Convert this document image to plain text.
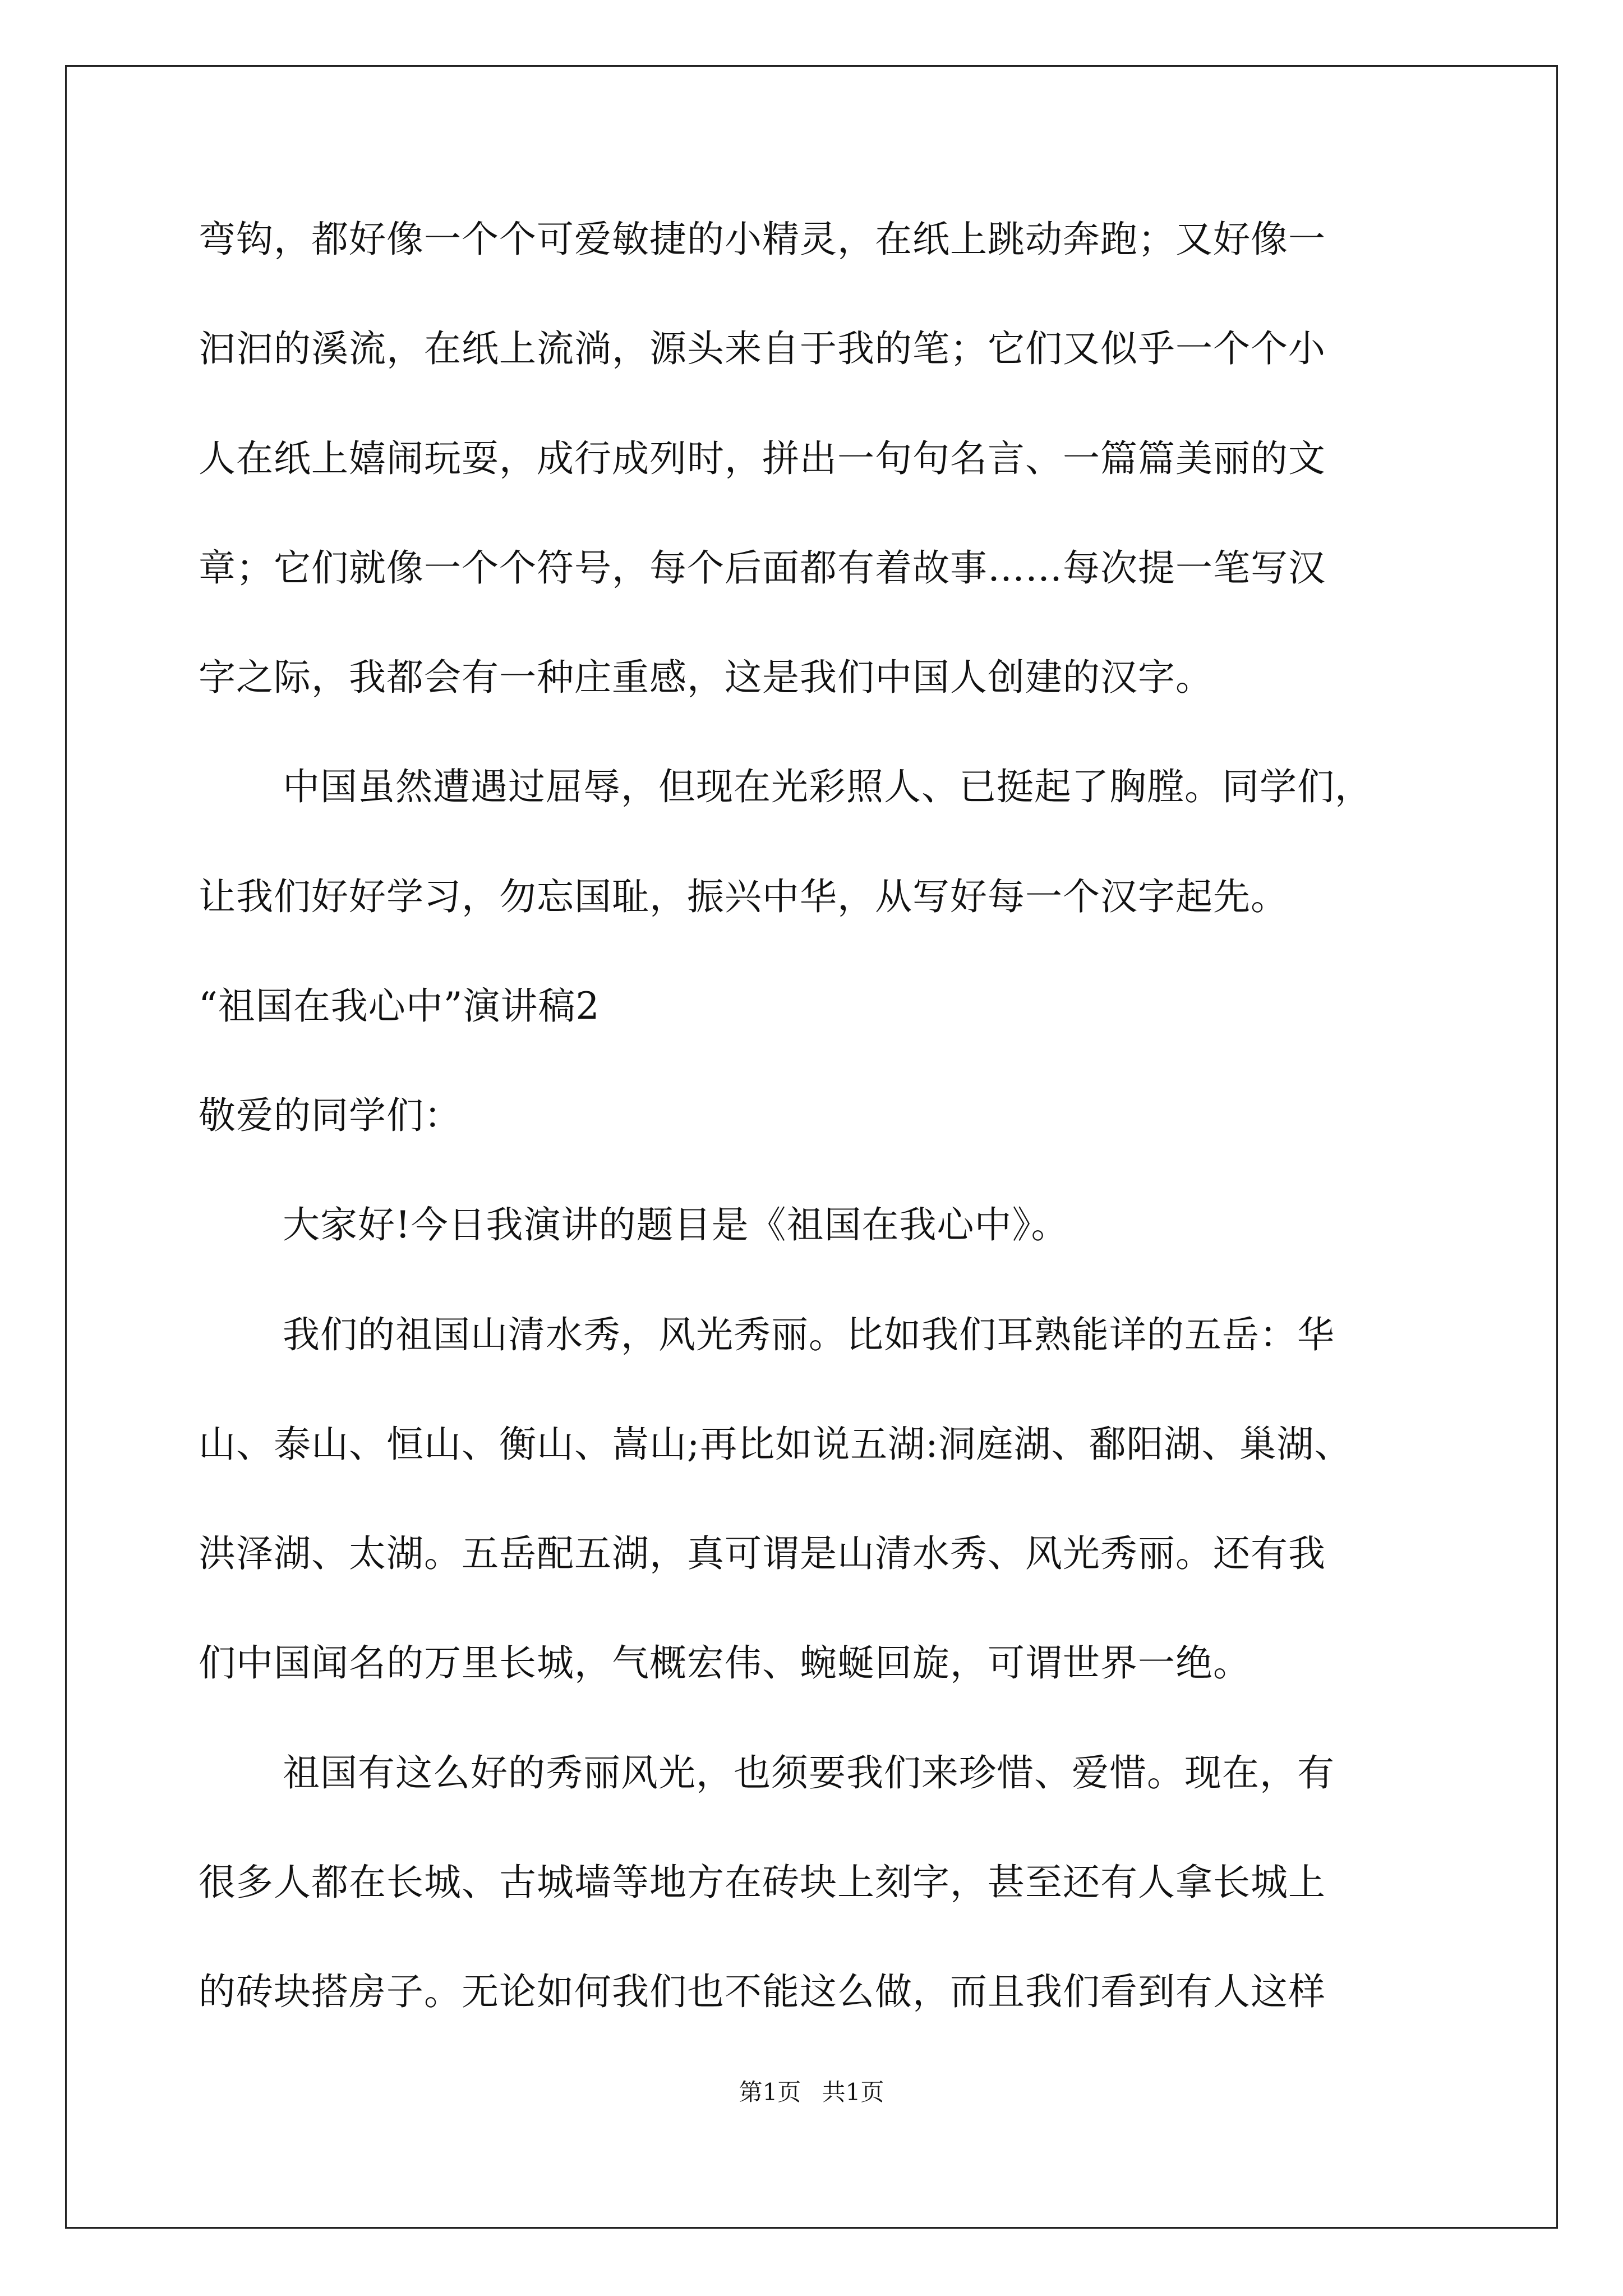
弯钩，都好像一个个可爱敏捷的小精灵，在纸上跳动奔跑；又好像一
汩汩的溪流，在纸上流淌，源头来自于我的笔；它们又似乎一个个小
人在纸上嬉闹玩耍，成行成列时，拼出一句句名言、一篇篇美丽的文
章；它们就像一个个符号，每个后面都有着故事……每次提一笔写汉
字之际，我都会有一种庄重感，这是我们中国人创建的汉字。
中国虽然遭遇过屈辱，但现在光彩照人、已挺起了胸膛。同学们，
让我们好好学习，勿忘国耻，振兴中华，从写好每一个汉字起先。
“祖国在我心中”演讲稿2
敬爱的同学们：
大家好!今日我演讲的题目是《祖国在我心中》。
我们的祖国山清水秀，风光秀丽。比如我们耳熟能详的五岳：华
山、泰山、恒山、衡山、嵩山;再比如说五湖:洞庭湖、鄱阳湖、巢湖、
洪泽湖、太湖。五岳配五湖，真可谓是山清水秀、风光秀丽。还有我
们中国闻名的万里长城，气概宏伟、蜿蜒回旋，可谓世界一绝。
祖国有这么好的秀丽风光，也须要我们来珍惜、爱惜。现在，有
很多人都在长城、古城墙等地方在砖块上刻字，甚至还有人拿长城上
的砖块搭房子。无论如何我们也不能这么做，而且我们看到有人这样
第1页 共1页
